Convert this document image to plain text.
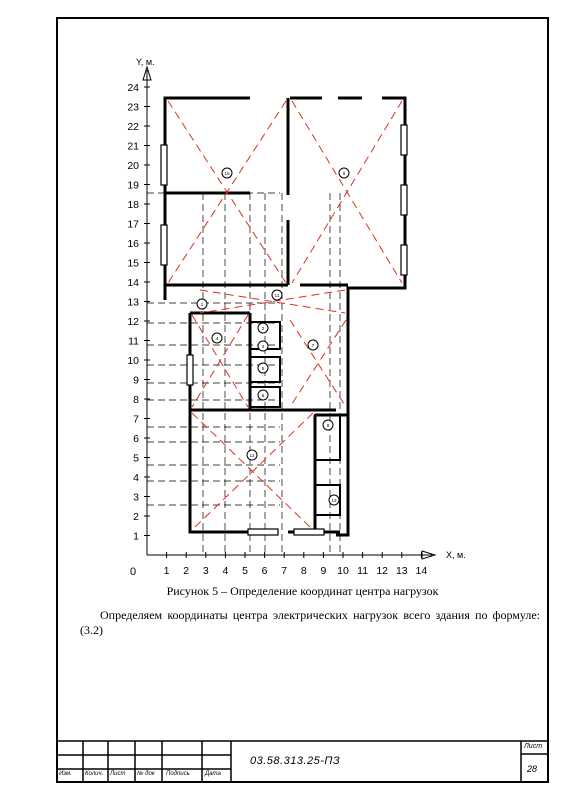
Y, м.
X, м.
0
1
2
3
4
5
6
7
8
9
10
11
12
13
14
15
16
17
18
19
20
21
22
23
24
1 2 3 4 5 6 7 8 9 10 11 12 13 14
10	9
11
1
2
3
4
5
6
7
8
12
13
Рисунок 5 – Определение координат центра нагрузок
Определяем координаты центра электрических нагрузок всего здания по формуле: (3.2)
03.58.313.25-ПЗ
Лист
28
Изм. Колич. Лист № док Подпись	Дата
